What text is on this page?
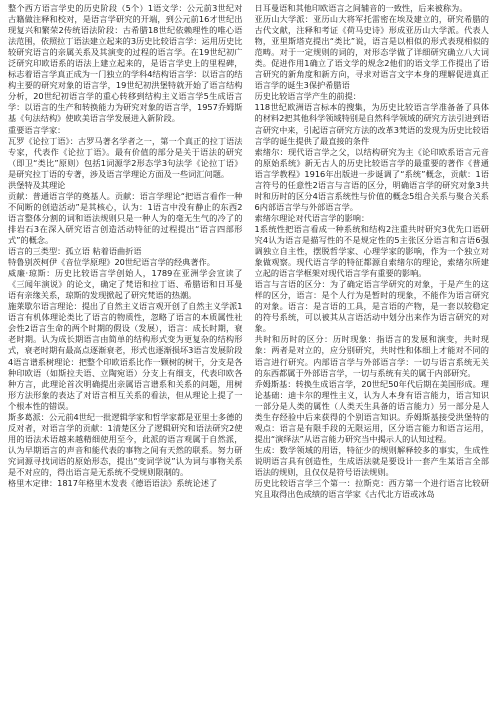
整个西方语言学史的历史阶段（5个）1语文学：公元前3世纪对古籍做注释和校对，是语言学研究的开端，到公元前16才世纪出现复兴和繁荣2传统语法阶段：古希腊18世纪依赖理性的唯心语法范围，依照拉丁语法建立起来的3历史比较语言学：运用历史比较研究语言的亲属关系及其演变的过程的语言学。在19世纪初广泛研究印欧语系的语法上建立起来的，是语言学史上的里程碑，标志着语言学真正成为一门独立的学科4结构语言学：以语言的结构主要的研究对象的语言学，19世纪初洪堡特就开始了语言结构分析，20世纪初语言学的重心转移到结构主义语言学5生成语言学：以语言的生产和转换能力为研究对象的语言学，1957乔姆斯基《句法结构》使欧美语言学发展进入新阶段。

重要语言学家：

瓦罗《论拉丁语》：古罗马著名学者之一，第一个真正的拉丁语法专家，代表作《论拉丁语》。最有价值的部分是关于语法的研究（即卫“类比”原则）包括1词源学2形态学3句法学《论拉丁语》是研究拉丁语的专著，涉及语言学理论方面及一些词汇问题。

洪堡特及其理论

贡献：普通语言学的奠基人。贡献：语言学理论“把语言看作一种不间断的创造活动”是其核心，认为：1语言中没有静止的东西2语言整体分割的词和语法规则只是一种人为的毫无生气的冷了的排岩石3在深入研究语言创造活动特征的过程提出“语言四部形式”的概念。

语言的三类型：孤立语 粘着语曲折语

特鲁别茨柯伊《音位学原理》20世纪语言学的经典著作。

威廉·琼斯：历史比较语言学创始人，1789在亚洲学会宣读了《三闻年演说》的论文，确定了梵语和拉丁语、希腊语和日耳曼语有亲缘关系，琼斯的发现掀起了研究梵语的热潮。

施莱歇尔语言理论：提出了自然主义语言观开创了自然主义学派1语言有机体理论类比了语言的物质性，忽略了语言的本质属性社会性2语言生命的两个时期的假设（发展），语言：成长时期，衰老时期。认为成长期语言由简单的结构形式变为更复杂的结构形式，衰老时期有最高点逐渐衰老，形式也逐渐损坏3语言发展阶段4语言谱系树理论：把整个印欧语系比作一颗树的树干，分支是各种印欧语（如斯拉夫语、立陶宛语）分支上有细支，代表印欧各种方言，此理论首次明确提出亲属语言谱系和关系的问题，用树形方法形象的表达了对语言相互关系的看法，但从理论上提了一个根本性的错误。

斯多葛派：公元前4世纪一批逻辑学家和哲学家都是亚里士多德的反对者，对语言学的贡献：1清楚区分了逻辑研究和语法研究2使用的语法术语越来越精细使用至今，此派的语言观属于自然派，认为早期语言的声音和能代表的事物之间有天然的联系。努力研究词源寻找词语的原始形态，提出“变词学说”认为词与事物关系是不对应的，得出语言是无系统不受规则限制的。

格里木定律：1817年格里木发表《德语语法》系统论述了

日耳曼语和其他印欧语言之间辅音的一致性，后来被称为。

亚历山大学派：亚历山大将军托雷密在埃及建立的，研究希腊的古代文献，注释和考证《荷马史诗》形成亚历山大学派。代表人物，亚里斯塔克提出“类比”说，语言是以相似的形式表现相似的范畴。对于一定规则的词的，对形态学做了详细研究确立八大词类。促进作用1确立了语文学的规念2他们的语文学工作提出了语言研究的新角度和新方向，寻求对语言文字本身的理解促进真正语言学的诞生3保护希腊语

历史比较语言学产生的前提：

118世纪欧洲语言标本的搜集，为历史比较语言学准备备了具体的材料2把其他科学领域特别是自然科学领域的研究方法引进到语言研究中来，引起语言研究方法的改革3梵语的发现为历史比较语言学的诞生提供了最直接的条件

索绪尔：现代语言学之父，以结构研究为主《论印欧系语言元音的原始系统》新无古人的历史比较语言学的最重要的著作《普通语言学教程》1916年出版进一步诞调了“系统”概念，贡献：1语言符号的任意性2语言与言语的区分，明确语言学的研究对象3共时和历时的区分4语言系统性与价值的概念5组合关系与聚合关系6内部语言学与外部语言学。

索绪尔理论对代语言学的影响：

1系统性把语言看成一种系统和结构2注重共时研究3优先口语研究4认为语言是描写性的不是规定性的5主张区分语言和言语6强调独立自主性，摆脱哲学家、心理学家的影响，作为一个独立对象做观察。现代语言学的特征都源自索绪尔的理论，索绪尔所建立起的语言学框架对现代语言学有重要的影响。

语言与言语的区分：为了确定语言学研究的对象，于是产生的这样的区分，语言：是个人行为是暂时的现象，不能作为语言研究的对象。语言：是言语的工具，是言语的产物，是一套以较稳定的符号系统，可以被其从言语活动中划分出来作为语言研究的对象。

共时和历时的区分：历时现象：指语言的发展和演变，共时现象：两者是对立的，应分别研究，共时性和体细上才能对不同的语言进行研究。内部语言学与外部语言学：一切与语言系统无关的东西都属于外部语言学，一切与系统有关的属于内部研究。

乔姆斯基：转换生成语言学，20世纪50年代后期在美国形成。理论基础：迪卡尔的理性主义，认为人本身有语言能力，语言知识一部分是人类的属性（人类天生具备的语言能力）另一部分是人类生存经验中后来获得的个别语言知识。乔姆斯基接受洪堡特的观点：语言是有限手段的无限运用，区分语言能力和语言运用，提出“演绎法”从语言能力研究当中揭示人的认知过程。

生成：数学领域的用语，特征少的规则解释较多的事实，生成性说明语言具有创造性，生成语法就是要设计一套产生某语言全部语法的规则，且仅仅是符号语法规则。

历史比较语言学三个第一：拉斯克：西方第一个进行语言比较研究且取得出色成绩的语言学家《古代北方语或冰岛
